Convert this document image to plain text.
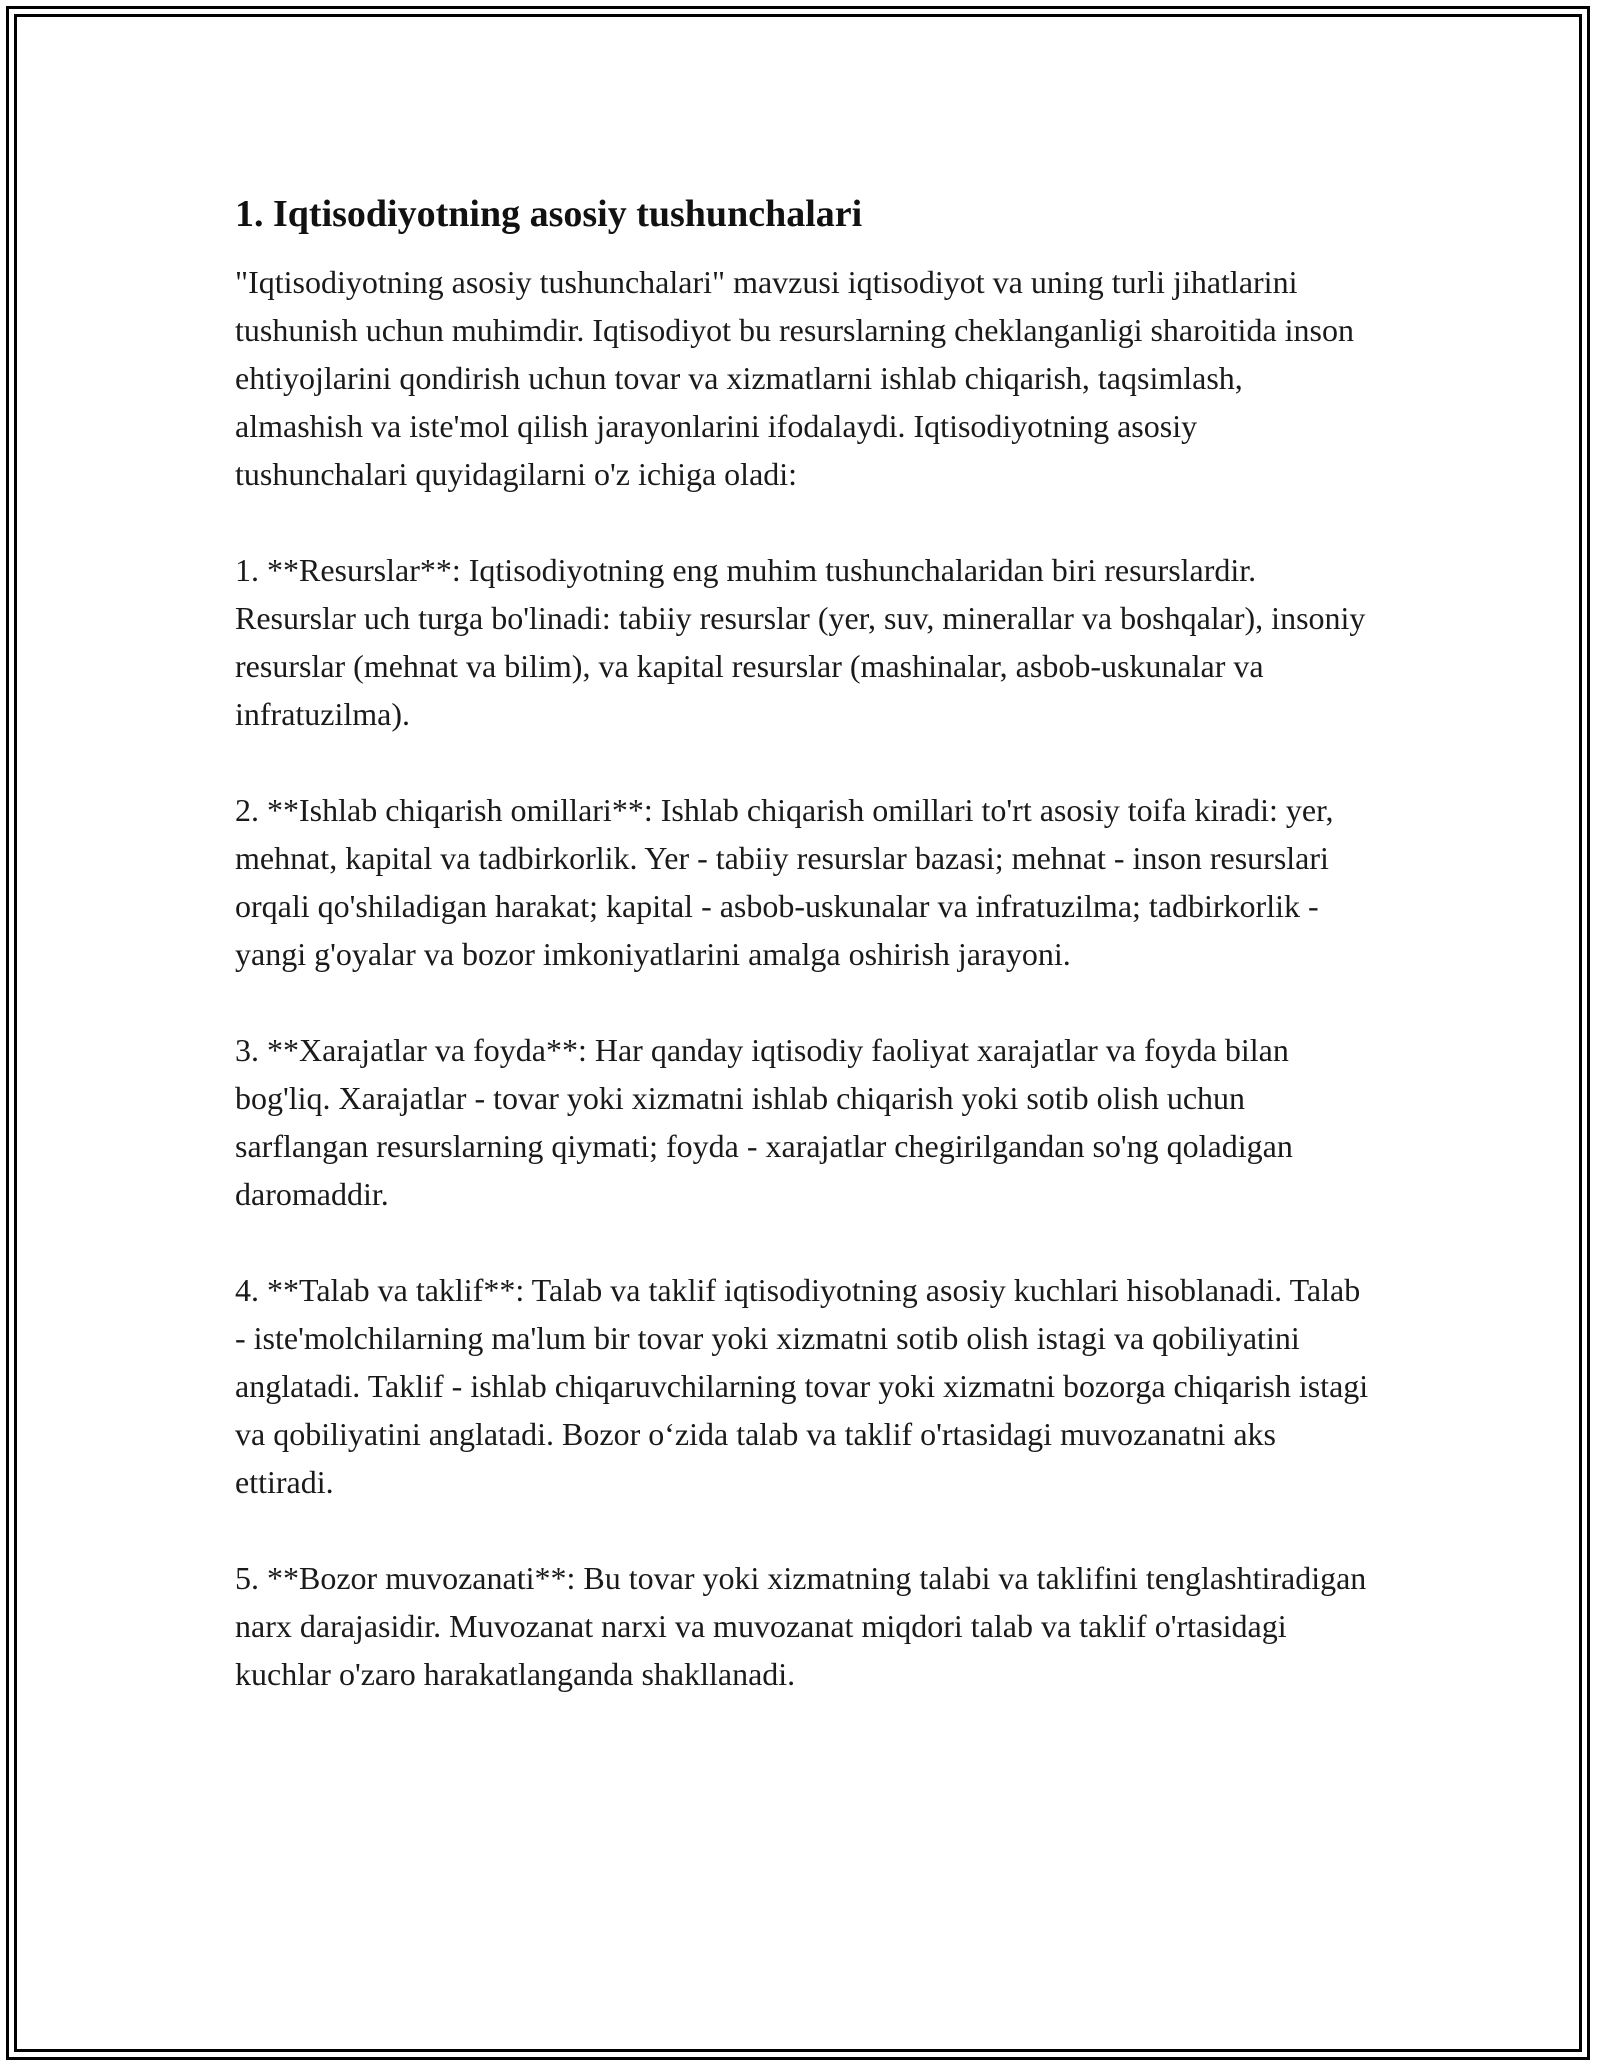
1. Iqtisodiyotning asosiy tushunchalari

"Iqtisodiyotning asosiy tushunchalari" mavzusi iqtisodiyot va uning turli jihatlarini tushunish uchun muhimdir. Iqtisodiyot bu resurslarning cheklanganligi sharoitida inson ehtiyojlarini qondirish uchun tovar va xizmatlarni ishlab chiqarish, taqsimlash, almashish va iste'mol qilish jarayonlarini ifodalaydi. Iqtisodiyotning asosiy tushunchalari quyidagilarni o'z ichiga oladi:

1. **Resurslar**: Iqtisodiyotning eng muhim tushunchalaridan biri resurslardir. Resurslar uch turga bo'linadi: tabiiy resurslar (yer, suv, minerallar va boshqalar), insoniy resurslar (mehnat va bilim), va kapital resurslar (mashinalar, asbob-uskunalar va infratuzilma).

2. **Ishlab chiqarish omillari**: Ishlab chiqarish omillari to'rt asosiy toifa kiradi: yer, mehnat, kapital va tadbirkorlik. Yer - tabiiy resurslar bazasi; mehnat - inson resurslari orqali qo'shiladigan harakat; kapital - asbob-uskunalar va infratuzilma; tadbirkorlik - yangi g'oyalar va bozor imkoniyatlarini amalga oshirish jarayoni.

3. **Xarajatlar va foyda**: Har qanday iqtisodiy faoliyat xarajatlar va foyda bilan bog'liq. Xarajatlar - tovar yoki xizmatni ishlab chiqarish yoki sotib olish uchun sarflangan resurslarning qiymati; foyda - xarajatlar chegirilgandan so'ng qoladigan daromaddir.

4. **Talab va taklif**: Talab va taklif iqtisodiyotning asosiy kuchlari hisoblanadi. Talab - iste'molchilarning ma'lum bir tovar yoki xizmatni sotib olish istagi va qobiliyatini anglatadi. Taklif - ishlab chiqaruvchilarning tovar yoki xizmatni bozorga chiqarish istagi va qobiliyatini anglatadi. Bozor o‘zida talab va taklif o'rtasidagi muvozanatni aks ettiradi.

5. **Bozor muvozanati**: Bu tovar yoki xizmatning talabi va taklifini tenglashtiradigan narx darajasidir. Muvozanat narxi va muvozanat miqdori talab va taklif o'rtasidagi kuchlar o'zaro harakatlanganda shakllanadi.
